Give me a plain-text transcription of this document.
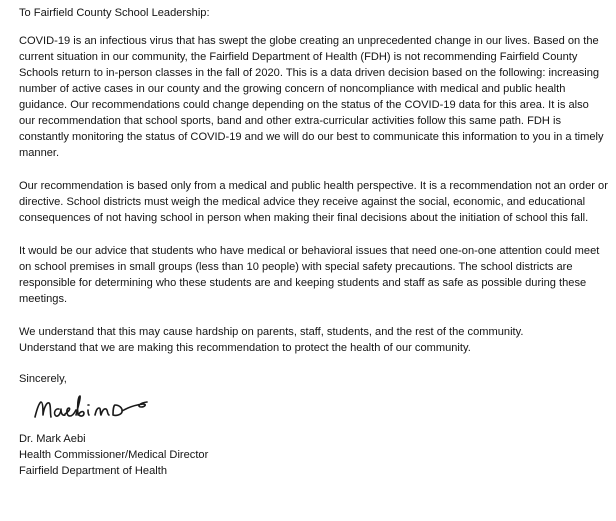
To Fairfield County School Leadership:

COVID-19 is an infectious virus that has swept the globe creating an unprecedented change in our lives. Based on the current situation in our community, the Fairfield Department of Health (FDH) is not recommending Fairfield County Schools return to in-person classes in the fall of 2020. This is a data driven decision based on the following: increasing number of active cases in our county and the growing concern of noncompliance with medical and public health guidance. Our recommendations could change depending on the status of the COVID-19 data for this area. It is also our recommendation that school sports, band and other extra-curricular activities follow this same path. FDH is constantly monitoring the status of COVID-19 and we will do our best to communicate this information to you in a timely manner.

Our recommendation is based only from a medical and public health perspective. It is a recommendation not an order or directive. School districts must weigh the medical advice they receive against the social, economic, and educational consequences of not having school in person when making their final decisions about the initiation of school this fall.

It would be our advice that students who have medical or behavioral issues that need one-on-one attention could meet on school premises in small groups (less than 10 people) with special safety precautions. The school districts are responsible for determining who these students are and keeping students and staff as safe as possible during these meetings.

We understand that this may cause hardship on parents, staff, students, and the rest of the community. Understand that we are making this recommendation to protect the health of our community.

Sincerely,

Dr. Mark Aebi
Health Commissioner/Medical Director
Fairfield Department of Health
